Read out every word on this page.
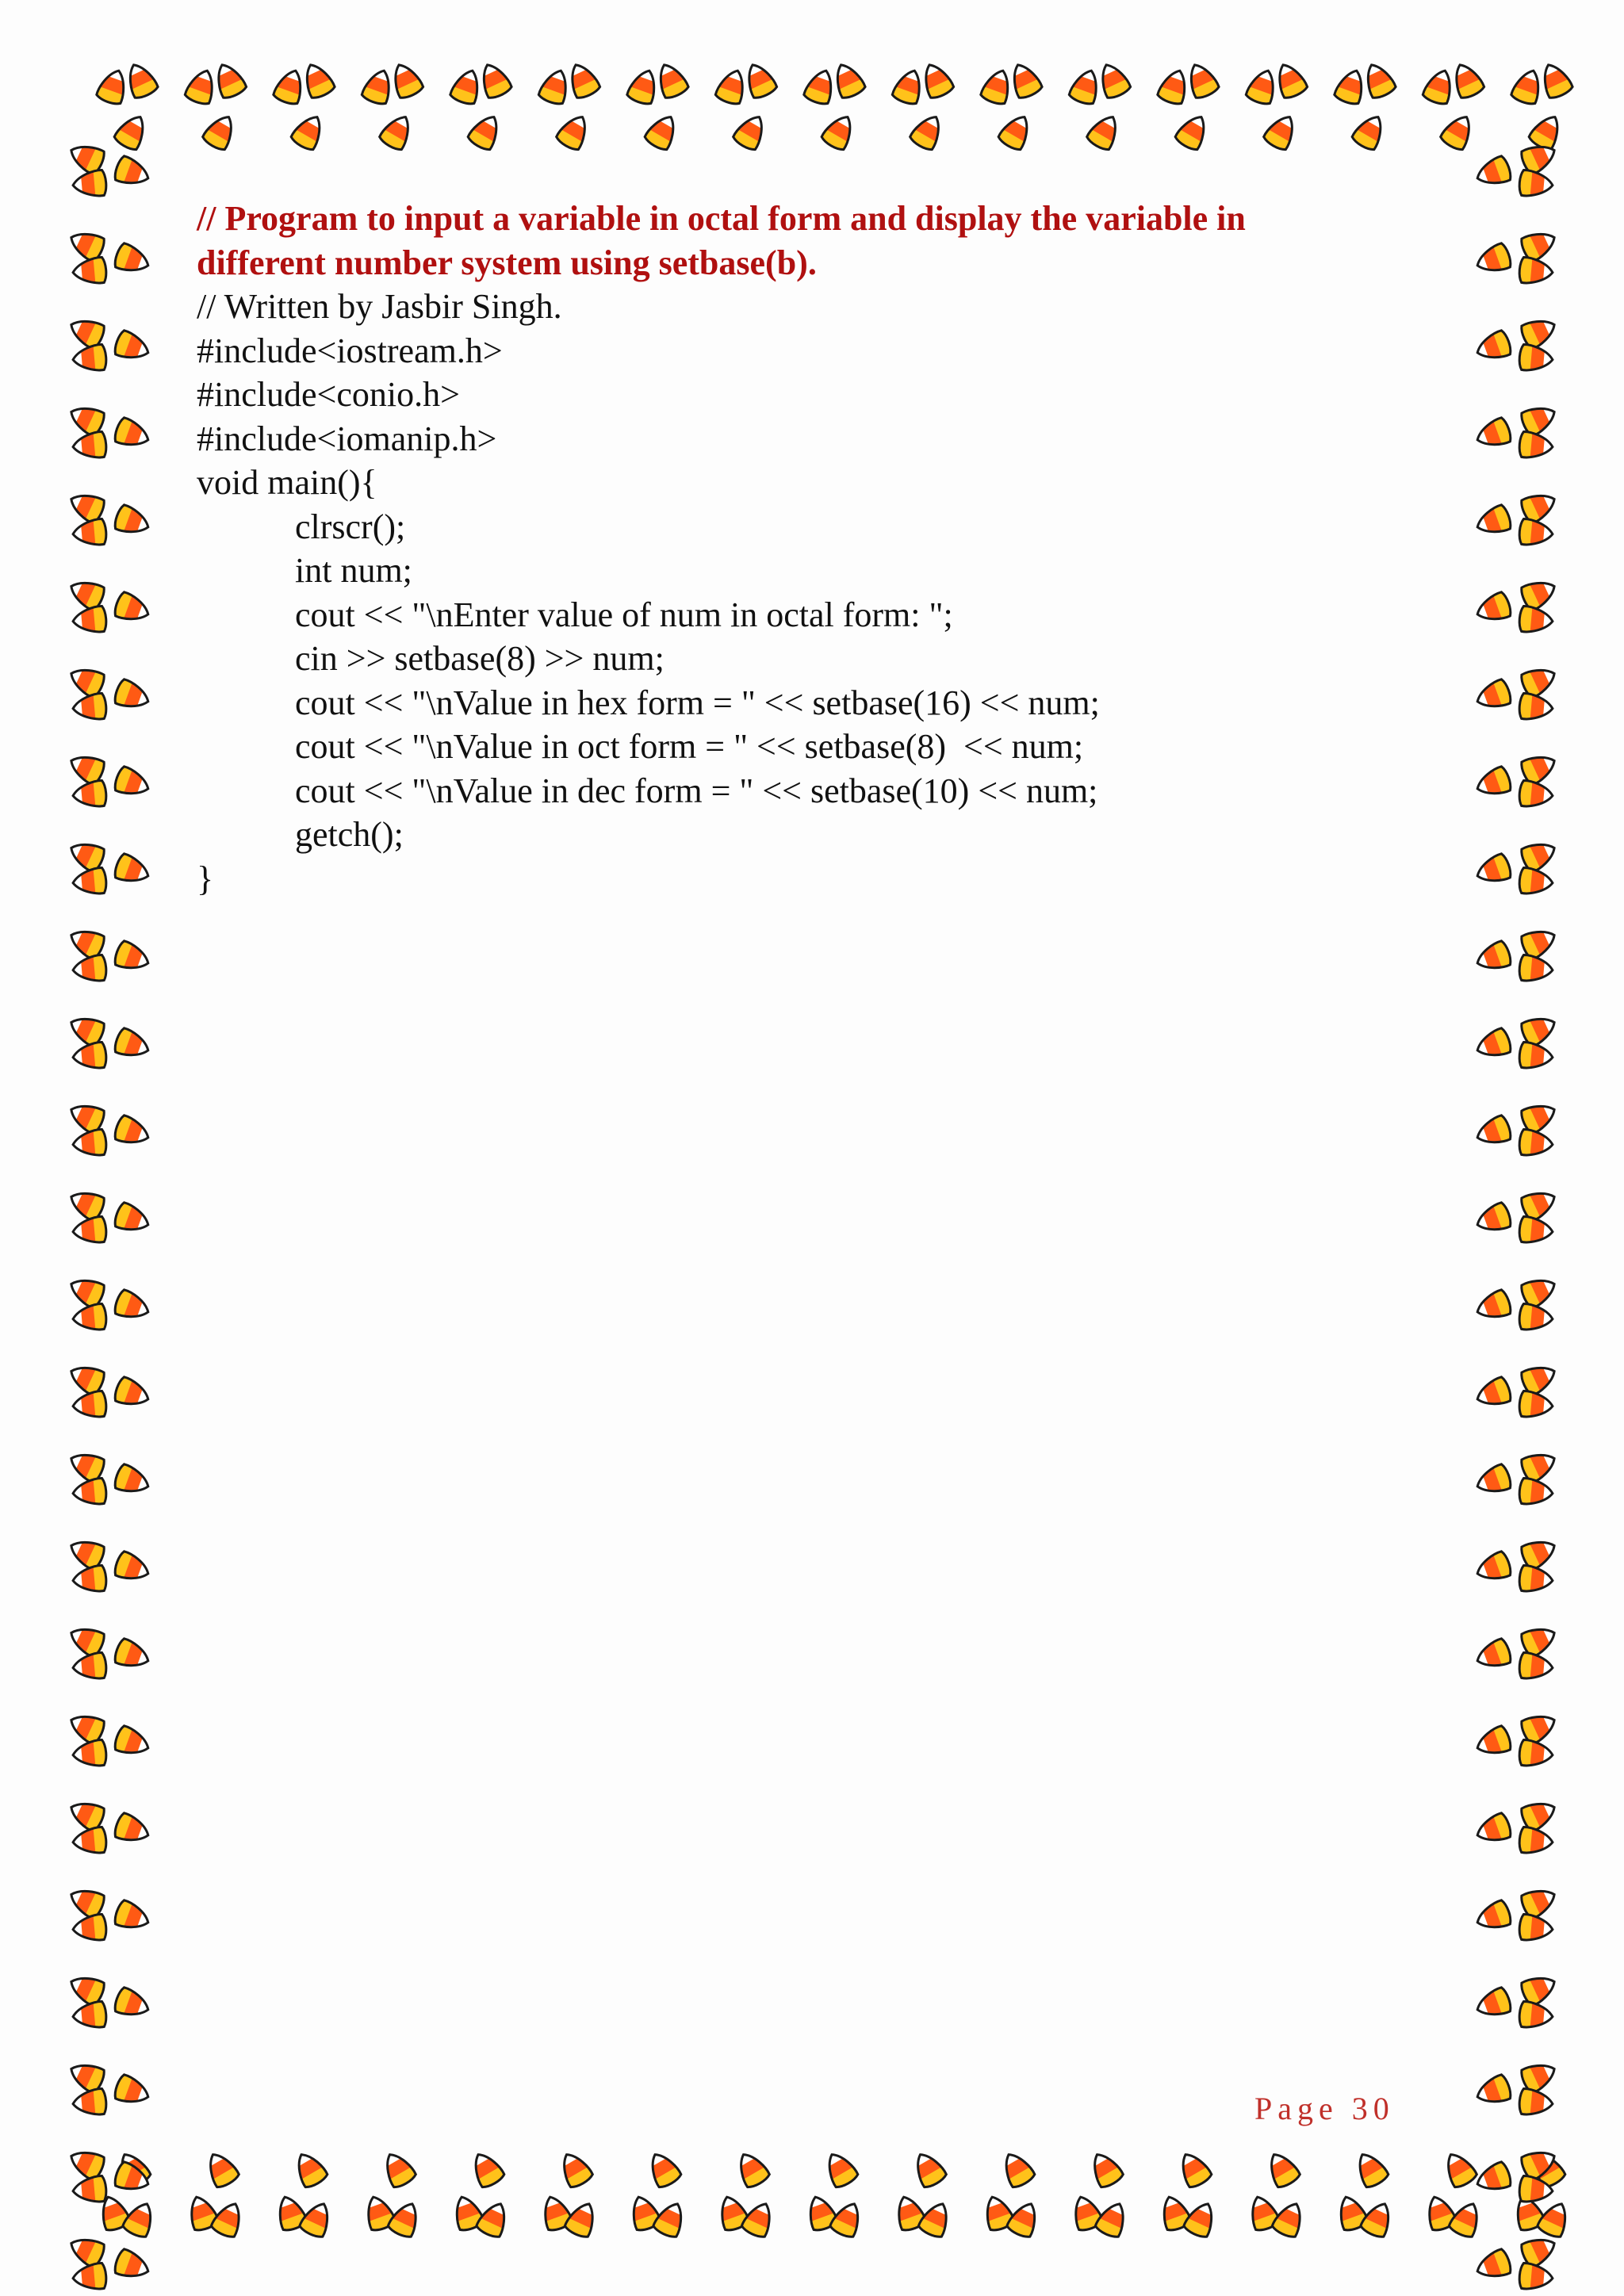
// Program to input a variable in octal form and display the variable in
different number system using setbase(b).
// Written by Jasbir Singh.
#include<iostream.h>
#include<conio.h>
#include<iomanip.h>
void main(){
clrscr();
int num;
cout << "\nEnter value of num in octal form: ";
cin >> setbase(8) >> num;
cout << "\nValue in hex form = " << setbase(16) << num;
cout << "\nValue in oct form = " << setbase(8)  << num;
cout << "\nValue in dec form = " << setbase(10) << num;
getch();
}
Page 30
